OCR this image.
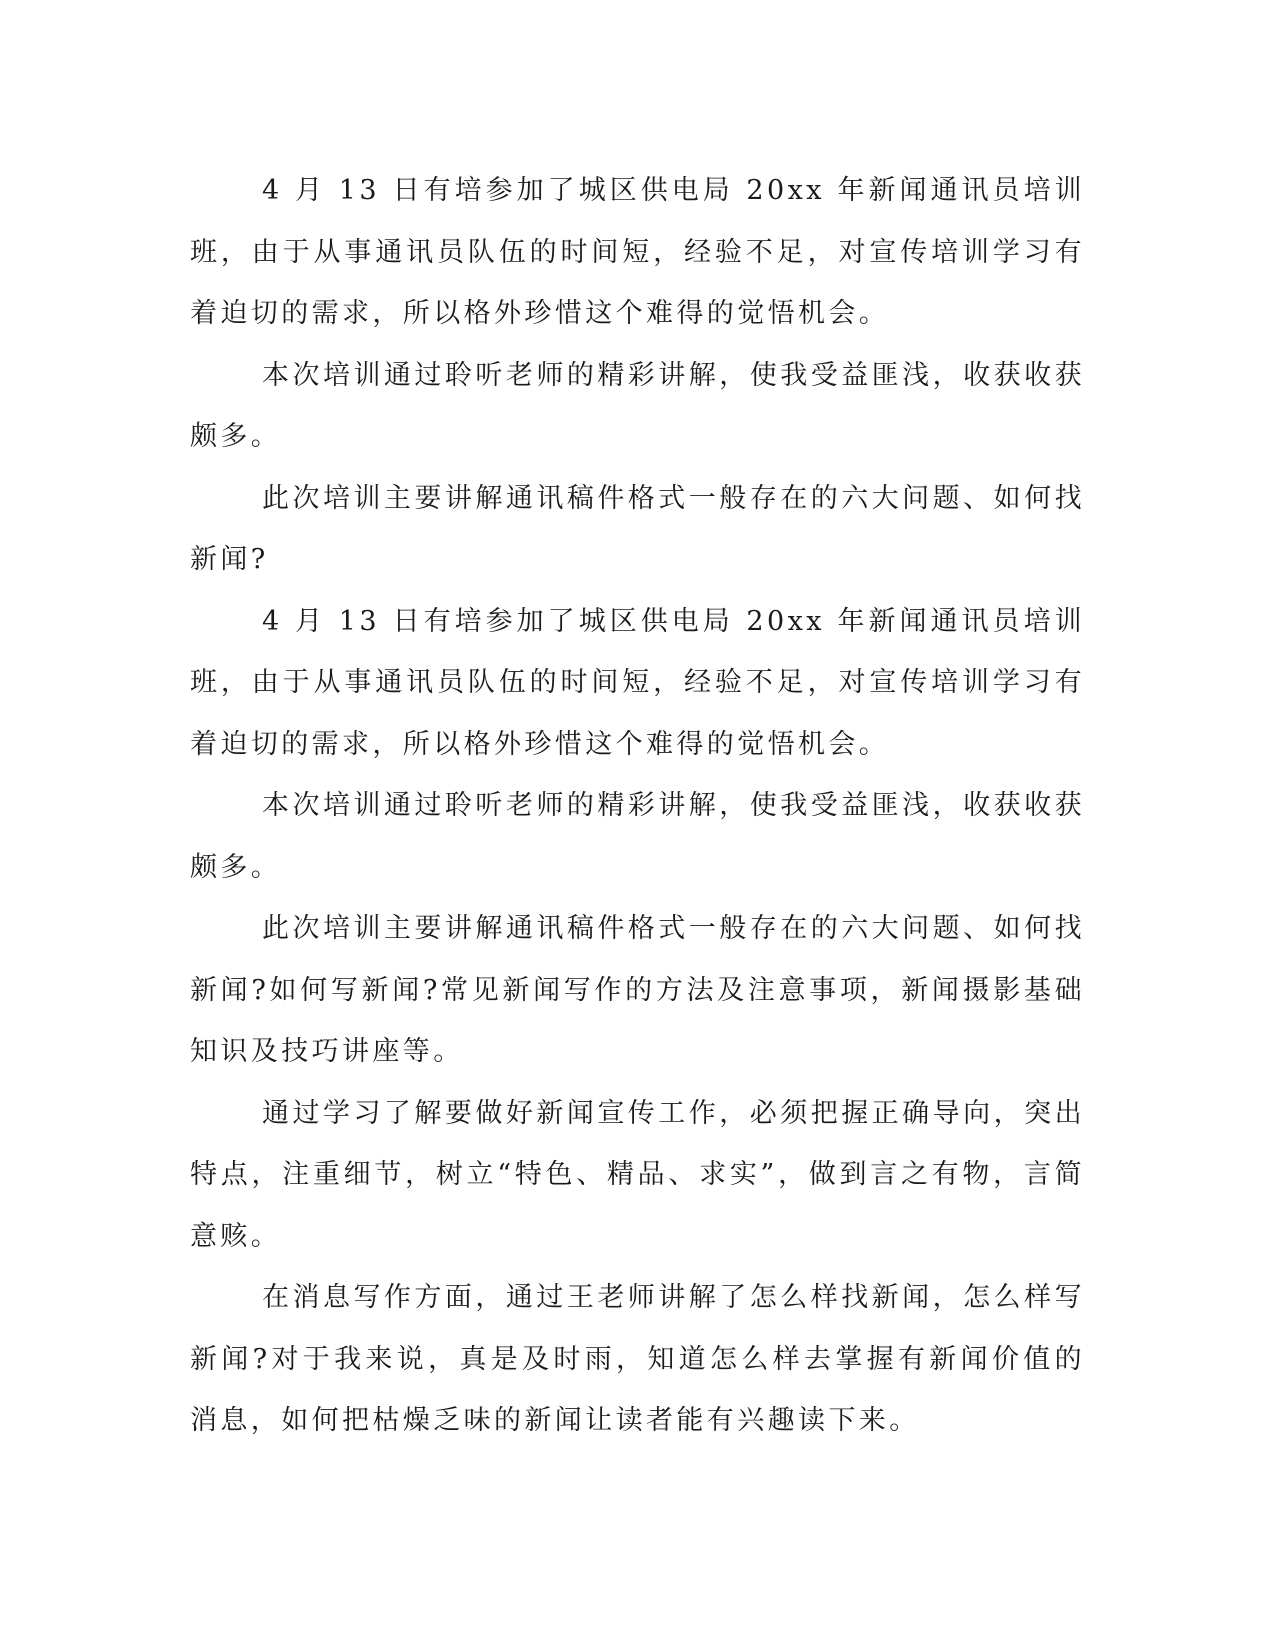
4 月 13 日有培参加了城区供电局 20xx 年新闻通讯员培训班，由于从事通讯员队伍的时间短，经验不足，对宣传培训学习有着迫切的需求，所以格外珍惜这个难得的觉悟机会。

本次培训通过聆听老师的精彩讲解，使我受益匪浅，收获收获颇多。

此次培训主要讲解通讯稿件格式一般存在的六大问题、如何找新闻?

4 月 13 日有培参加了城区供电局 20xx 年新闻通讯员培训班，由于从事通讯员队伍的时间短，经验不足，对宣传培训学习有着迫切的需求，所以格外珍惜这个难得的觉悟机会。

本次培训通过聆听老师的精彩讲解，使我受益匪浅，收获收获颇多。

此次培训主要讲解通讯稿件格式一般存在的六大问题、如何找新闻?如何写新闻?常见新闻写作的方法及注意事项，新闻摄影基础知识及技巧讲座等。

通过学习了解要做好新闻宣传工作，必须把握正确导向，突出特点，注重细节，树立“特色、精品、求实”，做到言之有物，言简意赅。

在消息写作方面，通过王老师讲解了怎么样找新闻，怎么样写新闻?对于我来说，真是及时雨，知道怎么样去掌握有新闻价值的消息，如何把枯燥乏味的新闻让读者能有兴趣读下来。
